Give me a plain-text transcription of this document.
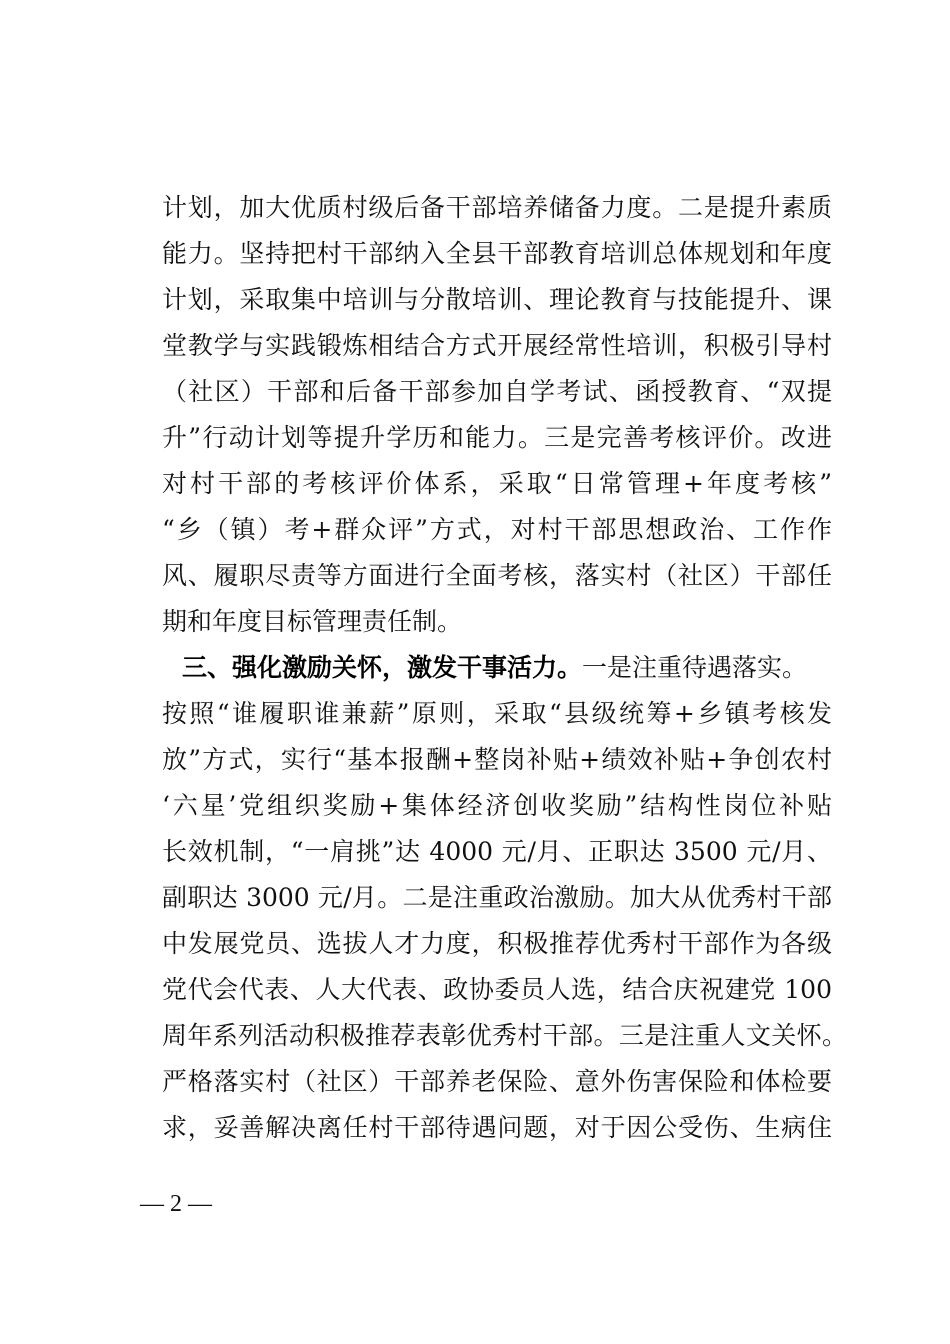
计划，加大优质村级后备干部培养储备力度。二是提升素质
能力。坚持把村干部纳入全县干部教育培训总体规划和年度
计划，采取集中培训与分散培训、理论教育与技能提升、课
堂教学与实践锻炼相结合方式开展经常性培训，积极引导村
（社区）干部和后备干部参加自学考试、函授教育、“双提
升”行动计划等提升学历和能力。三是完善考核评价。改进
对村干部的考核评价体系，采取“日常管理+年度考核”
“乡（镇）考+群众评”方式，对村干部思想政治、工作作
风、履职尽责等方面进行全面考核，落实村（社区）干部任
期和年度目标管理责任制。
三、强化激励关怀，激发干事活力。一是注重待遇落实。
按照“谁履职谁兼薪”原则，采取“县级统筹+乡镇考核发
放”方式，实行“基本报酬+整岗补贴+绩效补贴+争创农村
‘六星’党组织奖励+集体经济创收奖励”结构性岗位补贴
长效机制，“一肩挑”达 4000 元/月、正职达 3500 元/月、
副职达 3000 元/月。二是注重政治激励。加大从优秀村干部
中发展党员、选拔人才力度，积极推荐优秀村干部作为各级
党代会代表、人大代表、政协委员人选，结合庆祝建党 100
周年系列活动积极推荐表彰优秀村干部。三是注重人文关怀。
严格落实村（社区）干部养老保险、意外伤害保险和体检要
求，妥善解决离任村干部待遇问题，对于因公受伤、生病住
— 2 —
